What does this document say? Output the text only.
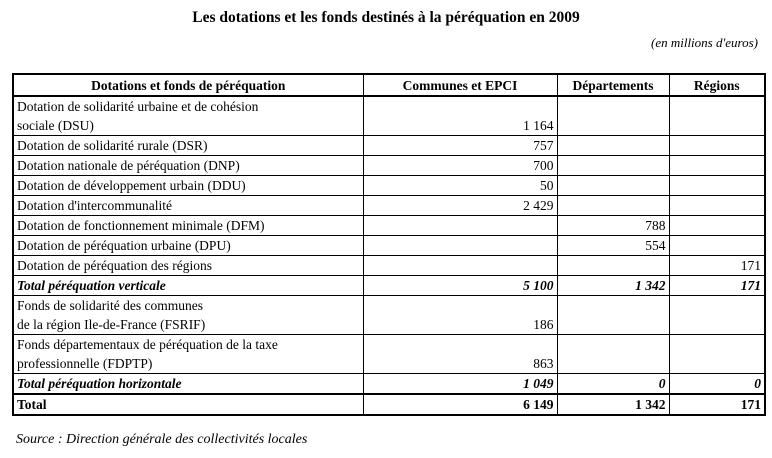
Les dotations et les fonds destinés à la péréquation en 2009
(en millions d'euros)
Dotations et fonds de péréquation	Communes et EPCI	Départements	Régions
Dotation de solidarité urbaine et de cohésion
sociale (DSU)	1 164		
Dotation de solidarité rurale (DSR)	757		
Dotation nationale de péréquation (DNP)	700		
Dotation de développement urbain (DDU)	50		
Dotation d'intercommunalité	2 429		
Dotation de fonctionnement minimale (DFM)		788	
Dotation de péréquation urbaine (DPU)		554	
Dotation de péréquation des régions			171
Total péréquation verticale	5 100	1 342	171
Fonds de solidarité des communes
de la région Ile-de-France (FSRIF)	186		
Fonds départementaux de péréquation de la taxe
professionnelle (FDPTP)	863		
Total péréquation horizontale	1 049	0	0
Total	6 149	1 342	171
Source : Direction générale des collectivités locales
